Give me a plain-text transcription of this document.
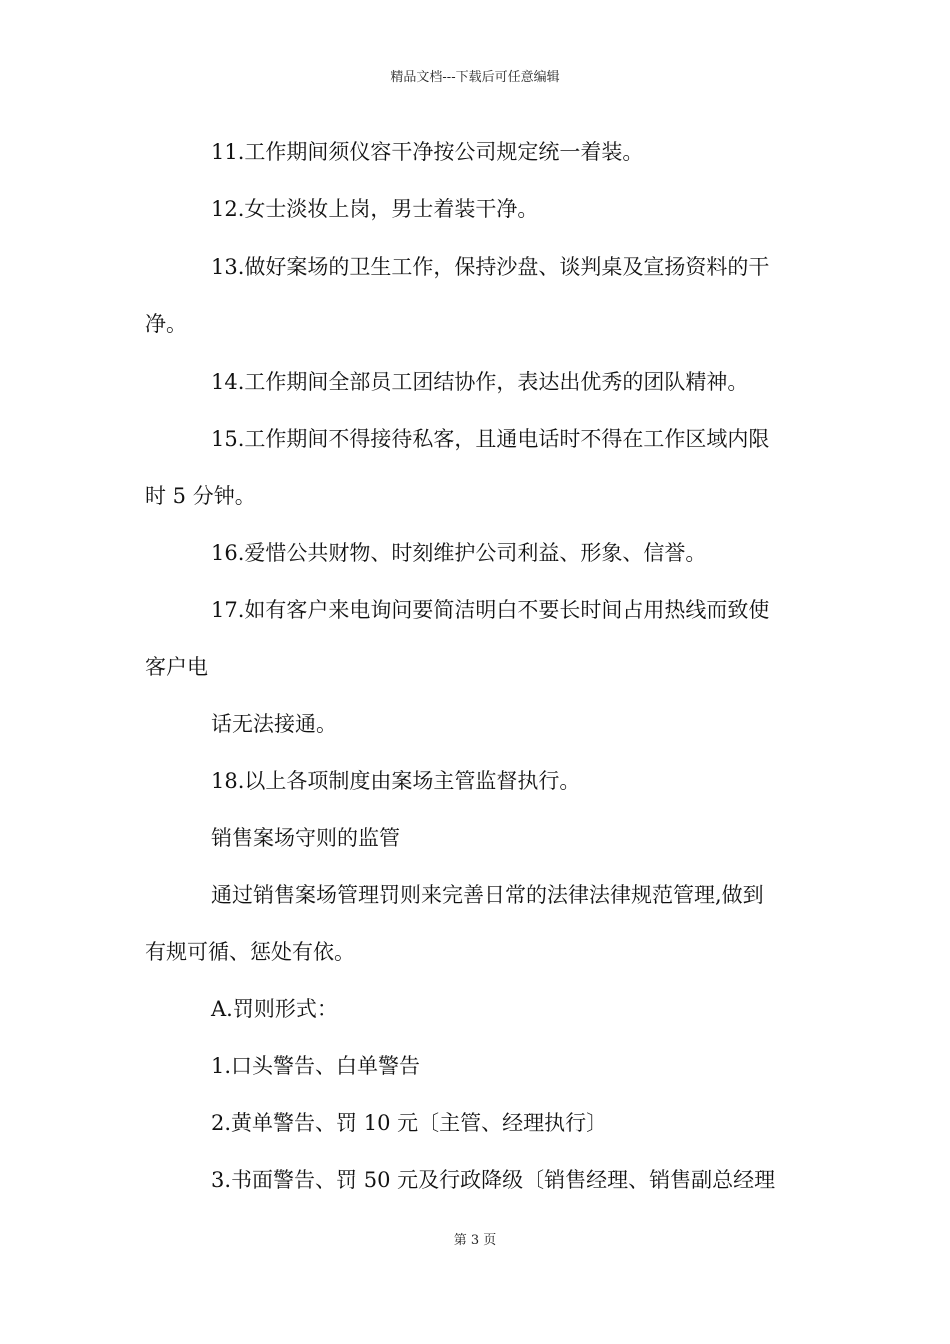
精品文档---下载后可任意编辑
11.工作期间须仪容干净按公司规定统一着装。
12.女士淡妆上岗，男士着装干净。
13.做好案场的卫生工作，保持沙盘、谈判桌及宣扬资料的干
净。
14.工作期间全部员工团结协作，表达出优秀的团队精神。
15.工作期间不得接待私客，且通电话时不得在工作区域内限
时 5 分钟。
16.爱惜公共财物、时刻维护公司利益、形象、信誉。
17.如有客户来电询问要简洁明白不要长时间占用热线而致使
客户电
话无法接通。
18.以上各项制度由案场主管监督执行。
销售案场守则的监管
通过销售案场管理罚则来完善日常的法律法律规范管理,做到
有规可循、惩处有依。
A.罚则形式：
1.口头警告、白单警告
2.黄单警告、罚 10 元〔主管、经理执行〕
3.书面警告、罚 50 元及行政降级〔销售经理、销售副总经理
第 3 页
